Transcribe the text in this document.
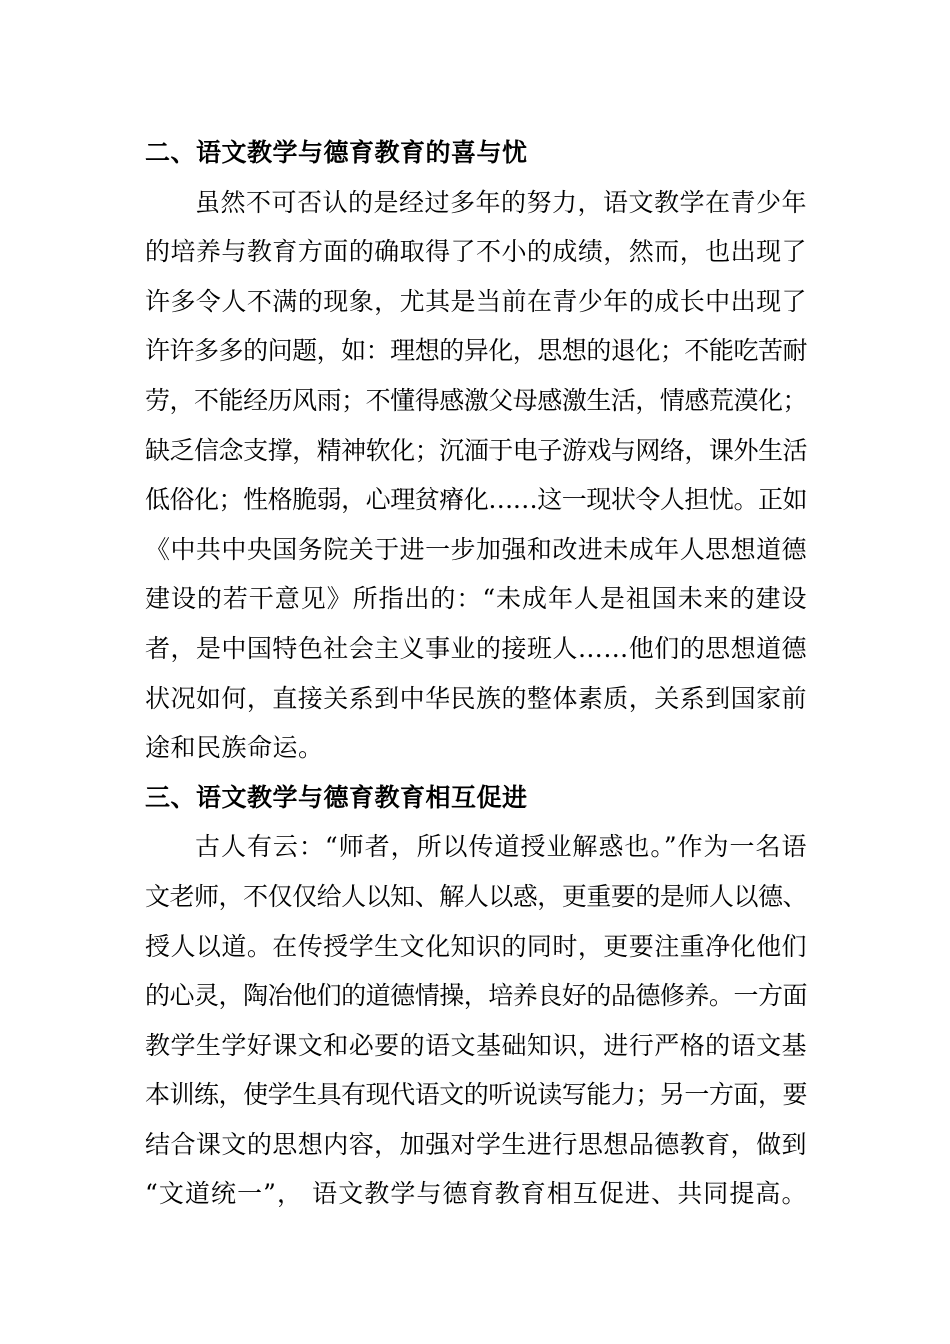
二、语文教学与德育教育的喜与忧
虽然不可否认的是经过多年的努力，语文教学在青少年
的培养与教育方面的确取得了不小的成绩，然而，也出现了
许多令人不满的现象，尤其是当前在青少年的成长中出现了
许许多多的问题，如：理想的异化，思想的退化；不能吃苦耐
劳，不能经历风雨；不懂得感激父母感激生活，情感荒漠化；
缺乏信念支撑，精神软化；沉湎于电子游戏与网络，课外生活
低俗化；性格脆弱，心理贫瘠化……这一现状令人担忧。正如
《中共中央国务院关于进一步加强和改进未成年人思想道德
建设的若干意见》所指出的：“未成年人是祖国未来的建设
者，是中国特色社会主义事业的接班人……他们的思想道德
状况如何，直接关系到中华民族的整体素质，关系到国家前
途和民族命运。
三、语文教学与德育教育相互促进
古人有云：“师者，所以传道授业解惑也。”作为一名语
文老师，不仅仅给人以知、解人以惑，更重要的是师人以德、
授人以道。在传授学生文化知识的同时，更要注重净化他们
的心灵，陶冶他们的道德情操，培养良好的品德修养。一方面
教学生学好课文和必要的语文基础知识，进行严格的语文基
本训练，使学生具有现代语文的听说读写能力；另一方面，要
结合课文的思想内容，加强对学生进行思想品德教育，做到
“文道统一”， 语文教学与德育教育相互促进、共同提高。
